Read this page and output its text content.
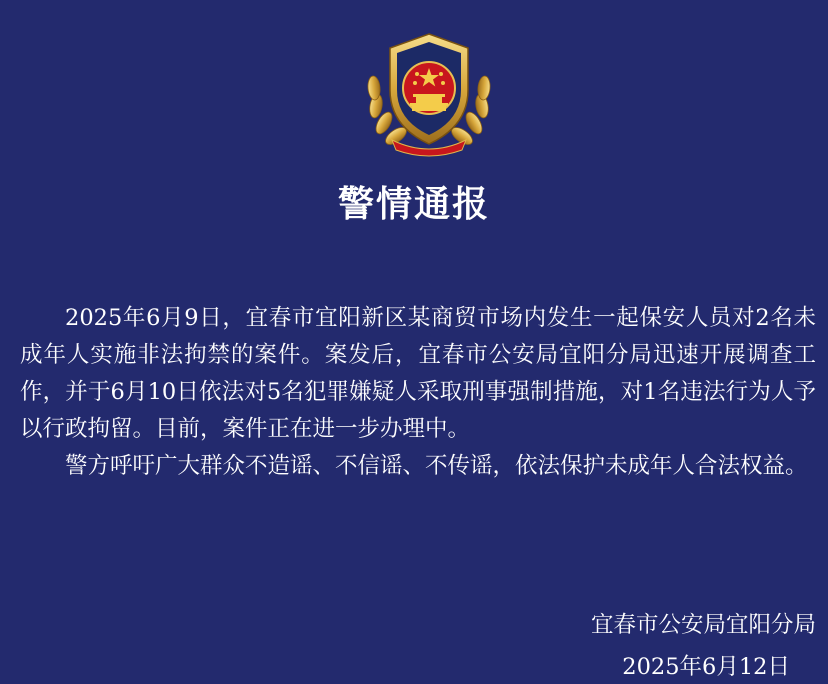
警情通报

2025年6月9日，宜春市宜阳新区某商贸市场内发生一起保安人员对2名未成年人实施非法拘禁的案件。案发后，宜春市公安局宜阳分局迅速开展调查工作，并于6月10日依法对5名犯罪嫌疑人采取刑事强制措施，对1名违法行为人予以行政拘留。目前，案件正在进一步办理中。

警方呼吁广大群众不造谣、不信谣、不传谣，依法保护未成年人合法权益。

宜春市公安局宜阳分局
2025年6月12日
